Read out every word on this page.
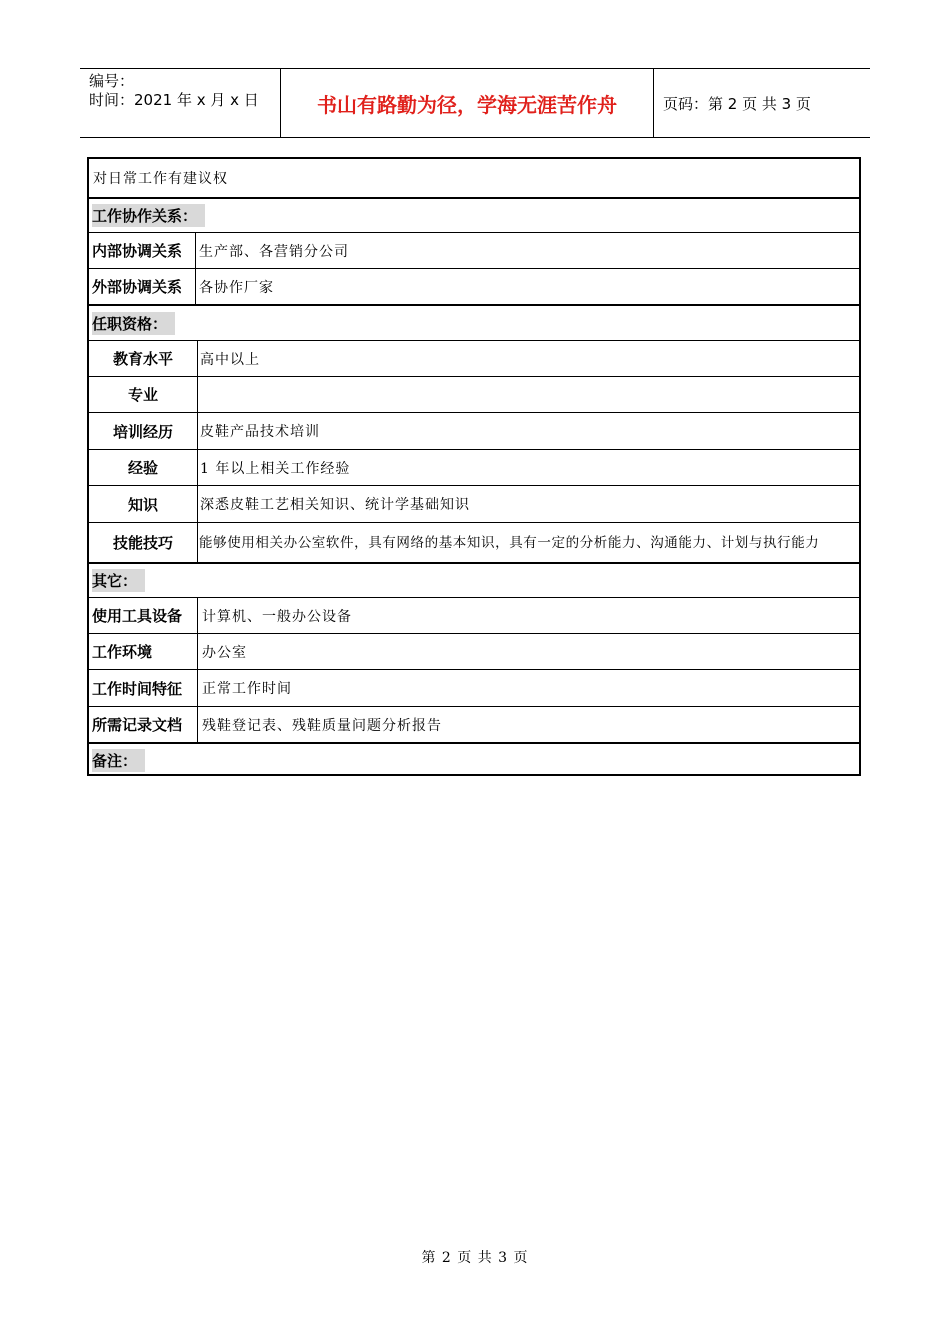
编号：
时间：2021 年 x 月 x 日	书山有路勤为径，学海无涯苦作舟	页码：第 2 页 共 3 页
对日常工作有建议权
工作协作关系：
内部协调关系 生产部、各营销分公司
外部协调关系 各协作厂家
任职资格：
教育水平	高中以上
专业
培训经历	皮鞋产品技术培训
经验	1 年以上相关工作经验
知识	深悉皮鞋工艺相关知识、统计学基础知识
技能技巧	能够使用相关办公室软件，具有网络的基本知识，具有一定的分析能力、沟通能力、计划与执行能力
其它：
使用工具设备 计算机、一般办公设备
工作环境	办公室
工作时间特征 正常工作时间
所需记录文档 残鞋登记表、残鞋质量问题分析报告
备注：
第 2 页 共 3 页
